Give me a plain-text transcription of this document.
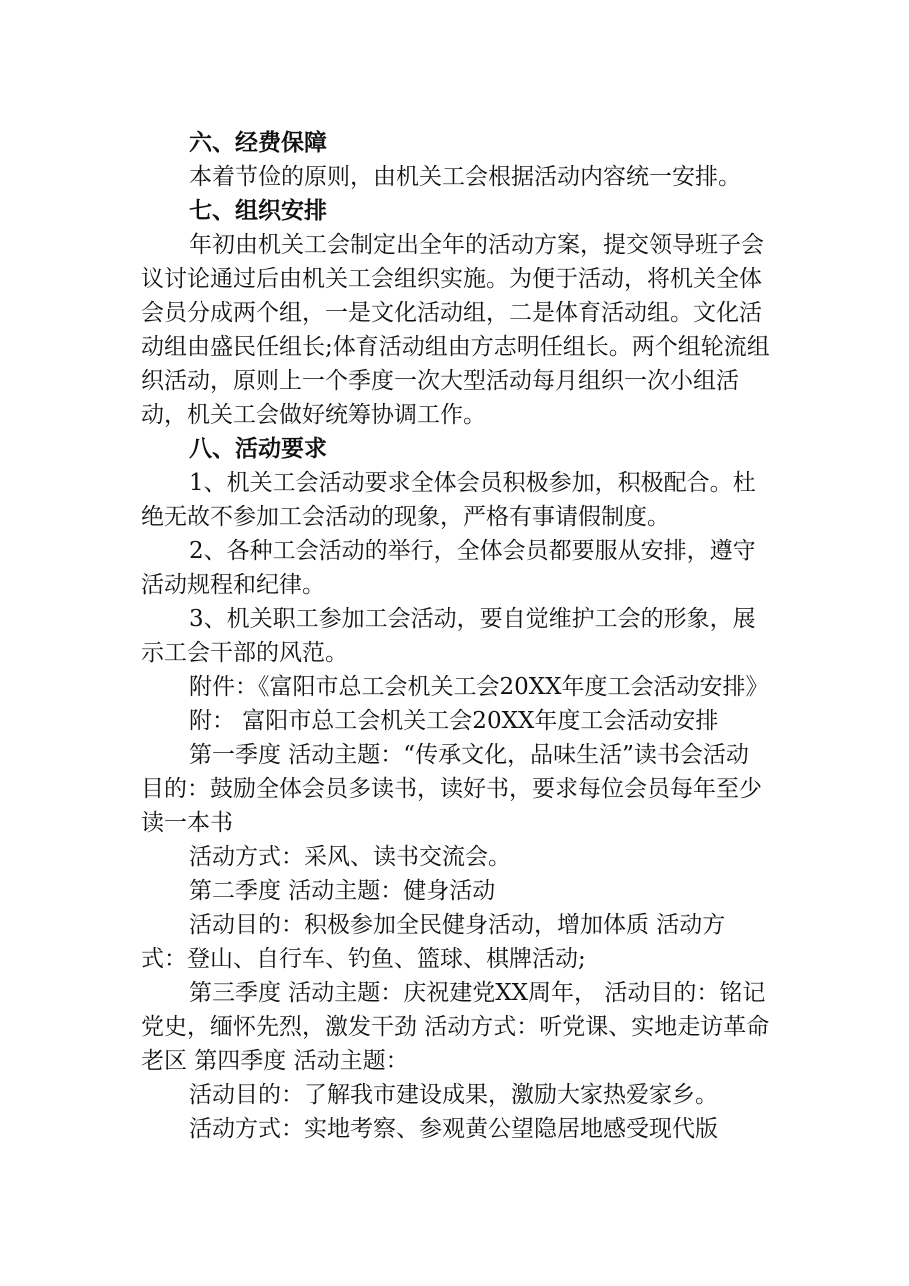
六、经费保障

本着节俭的原则，由机关工会根据活动内容统一安排。

七、组织安排

年初由机关工会制定出全年的活动方案，提交领导班子会议讨论通过后由机关工会组织实施。为便于活动，将机关全体会员分成两个组，一是文化活动组，二是体育活动组。文化活动组由盛民任组长;体育活动组由方志明任组长。两个组轮流组织活动，原则上一个季度一次大型活动每月组织一次小组活动，机关工会做好统筹协调工作。

八、活动要求

1、机关工会活动要求全体会员积极参加，积极配合。杜绝无故不参加工会活动的现象，严格有事请假制度。

2、各种工会活动的举行，全体会员都要服从安排，遵守活动规程和纪律。

3、机关职工参加工会活动，要自觉维护工会的形象，展示工会干部的风范。

附件：《富阳市总工会机关工会20XX年度工会活动安排》

附： 富阳市总工会机关工会20XX年度工会活动安排

第一季度 活动主题：“传承文化，品味生活”读书会活动目的：鼓励全体会员多读书，读好书，要求每位会员每年至少读一本书

活动方式：采风、读书交流会。

第二季度 活动主题：健身活动

活动目的：积极参加全民健身活动，增加体质 活动方式：登山、自行车、钓鱼、篮球、棋牌活动;

第三季度 活动主题：庆祝建党XX周年， 活动目的：铭记党史，缅怀先烈，激发干劲 活动方式：听党课、实地走访革命老区 第四季度 活动主题：

活动目的：了解我市建设成果，激励大家热爱家乡。

活动方式：实地考察、参观黄公望隐居地感受现代版
